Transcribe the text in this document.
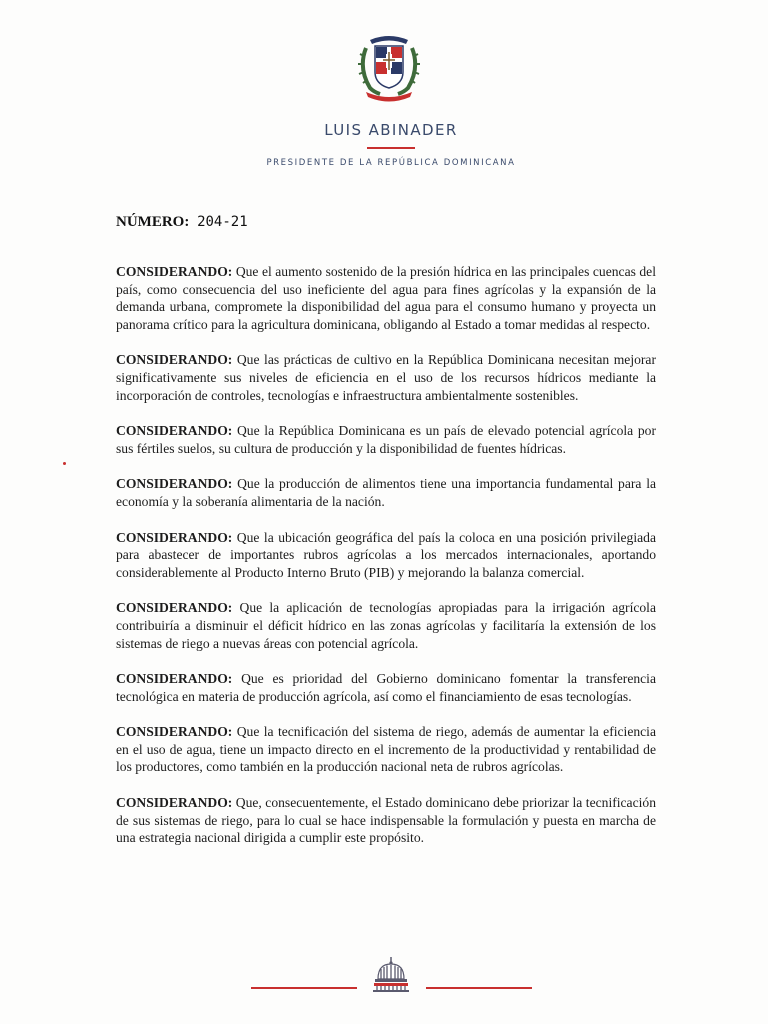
LUIS ABINADER
PRESIDENTE DE LA REPÚBLICA DOMINICANA
NÚMERO: 204-21

CONSIDERANDO: Que el aumento sostenido de la presión hídrica en las principales cuencas del país, como consecuencia del uso ineficiente del agua para fines agrícolas y la expansión de la demanda urbana, compromete la disponibilidad del agua para el consumo humano y proyecta un panorama crítico para la agricultura dominicana, obligando al Estado a tomar medidas al respecto.

CONSIDERANDO: Que las prácticas de cultivo en la República Dominicana necesitan mejorar significativamente sus niveles de eficiencia en el uso de los recursos hídricos mediante la incorporación de controles, tecnologías e infraestructura ambientalmente sostenibles.

CONSIDERANDO: Que la República Dominicana es un país de elevado potencial agrícola por sus fértiles suelos, su cultura de producción y la disponibilidad de fuentes hídricas.

CONSIDERANDO: Que la producción de alimentos tiene una importancia fundamental para la economía y la soberanía alimentaria de la nación.

CONSIDERANDO: Que la ubicación geográfica del país la coloca en una posición privilegiada para abastecer de importantes rubros agrícolas a los mercados internacionales, aportando considerablemente al Producto Interno Bruto (PIB) y mejorando la balanza comercial.

CONSIDERANDO: Que la aplicación de tecnologías apropiadas para la irrigación agrícola contribuiría a disminuir el déficit hídrico en las zonas agrícolas y facilitaría la extensión de los sistemas de riego a nuevas áreas con potencial agrícola.

CONSIDERANDO: Que es prioridad del Gobierno dominicano fomentar la transferencia tecnológica en materia de producción agrícola, así como el financiamiento de esas tecnologías.

CONSIDERANDO: Que la tecnificación del sistema de riego, además de aumentar la eficiencia en el uso de agua, tiene un impacto directo en el incremento de la productividad y rentabilidad de los productores, como también en la producción nacional neta de rubros agrícolas.

CONSIDERANDO: Que, consecuentemente, el Estado dominicano debe priorizar la tecnificación de sus sistemas de riego, para lo cual se hace indispensable la formulación y puesta en marcha de una estrategia nacional dirigida a cumplir este propósito.
